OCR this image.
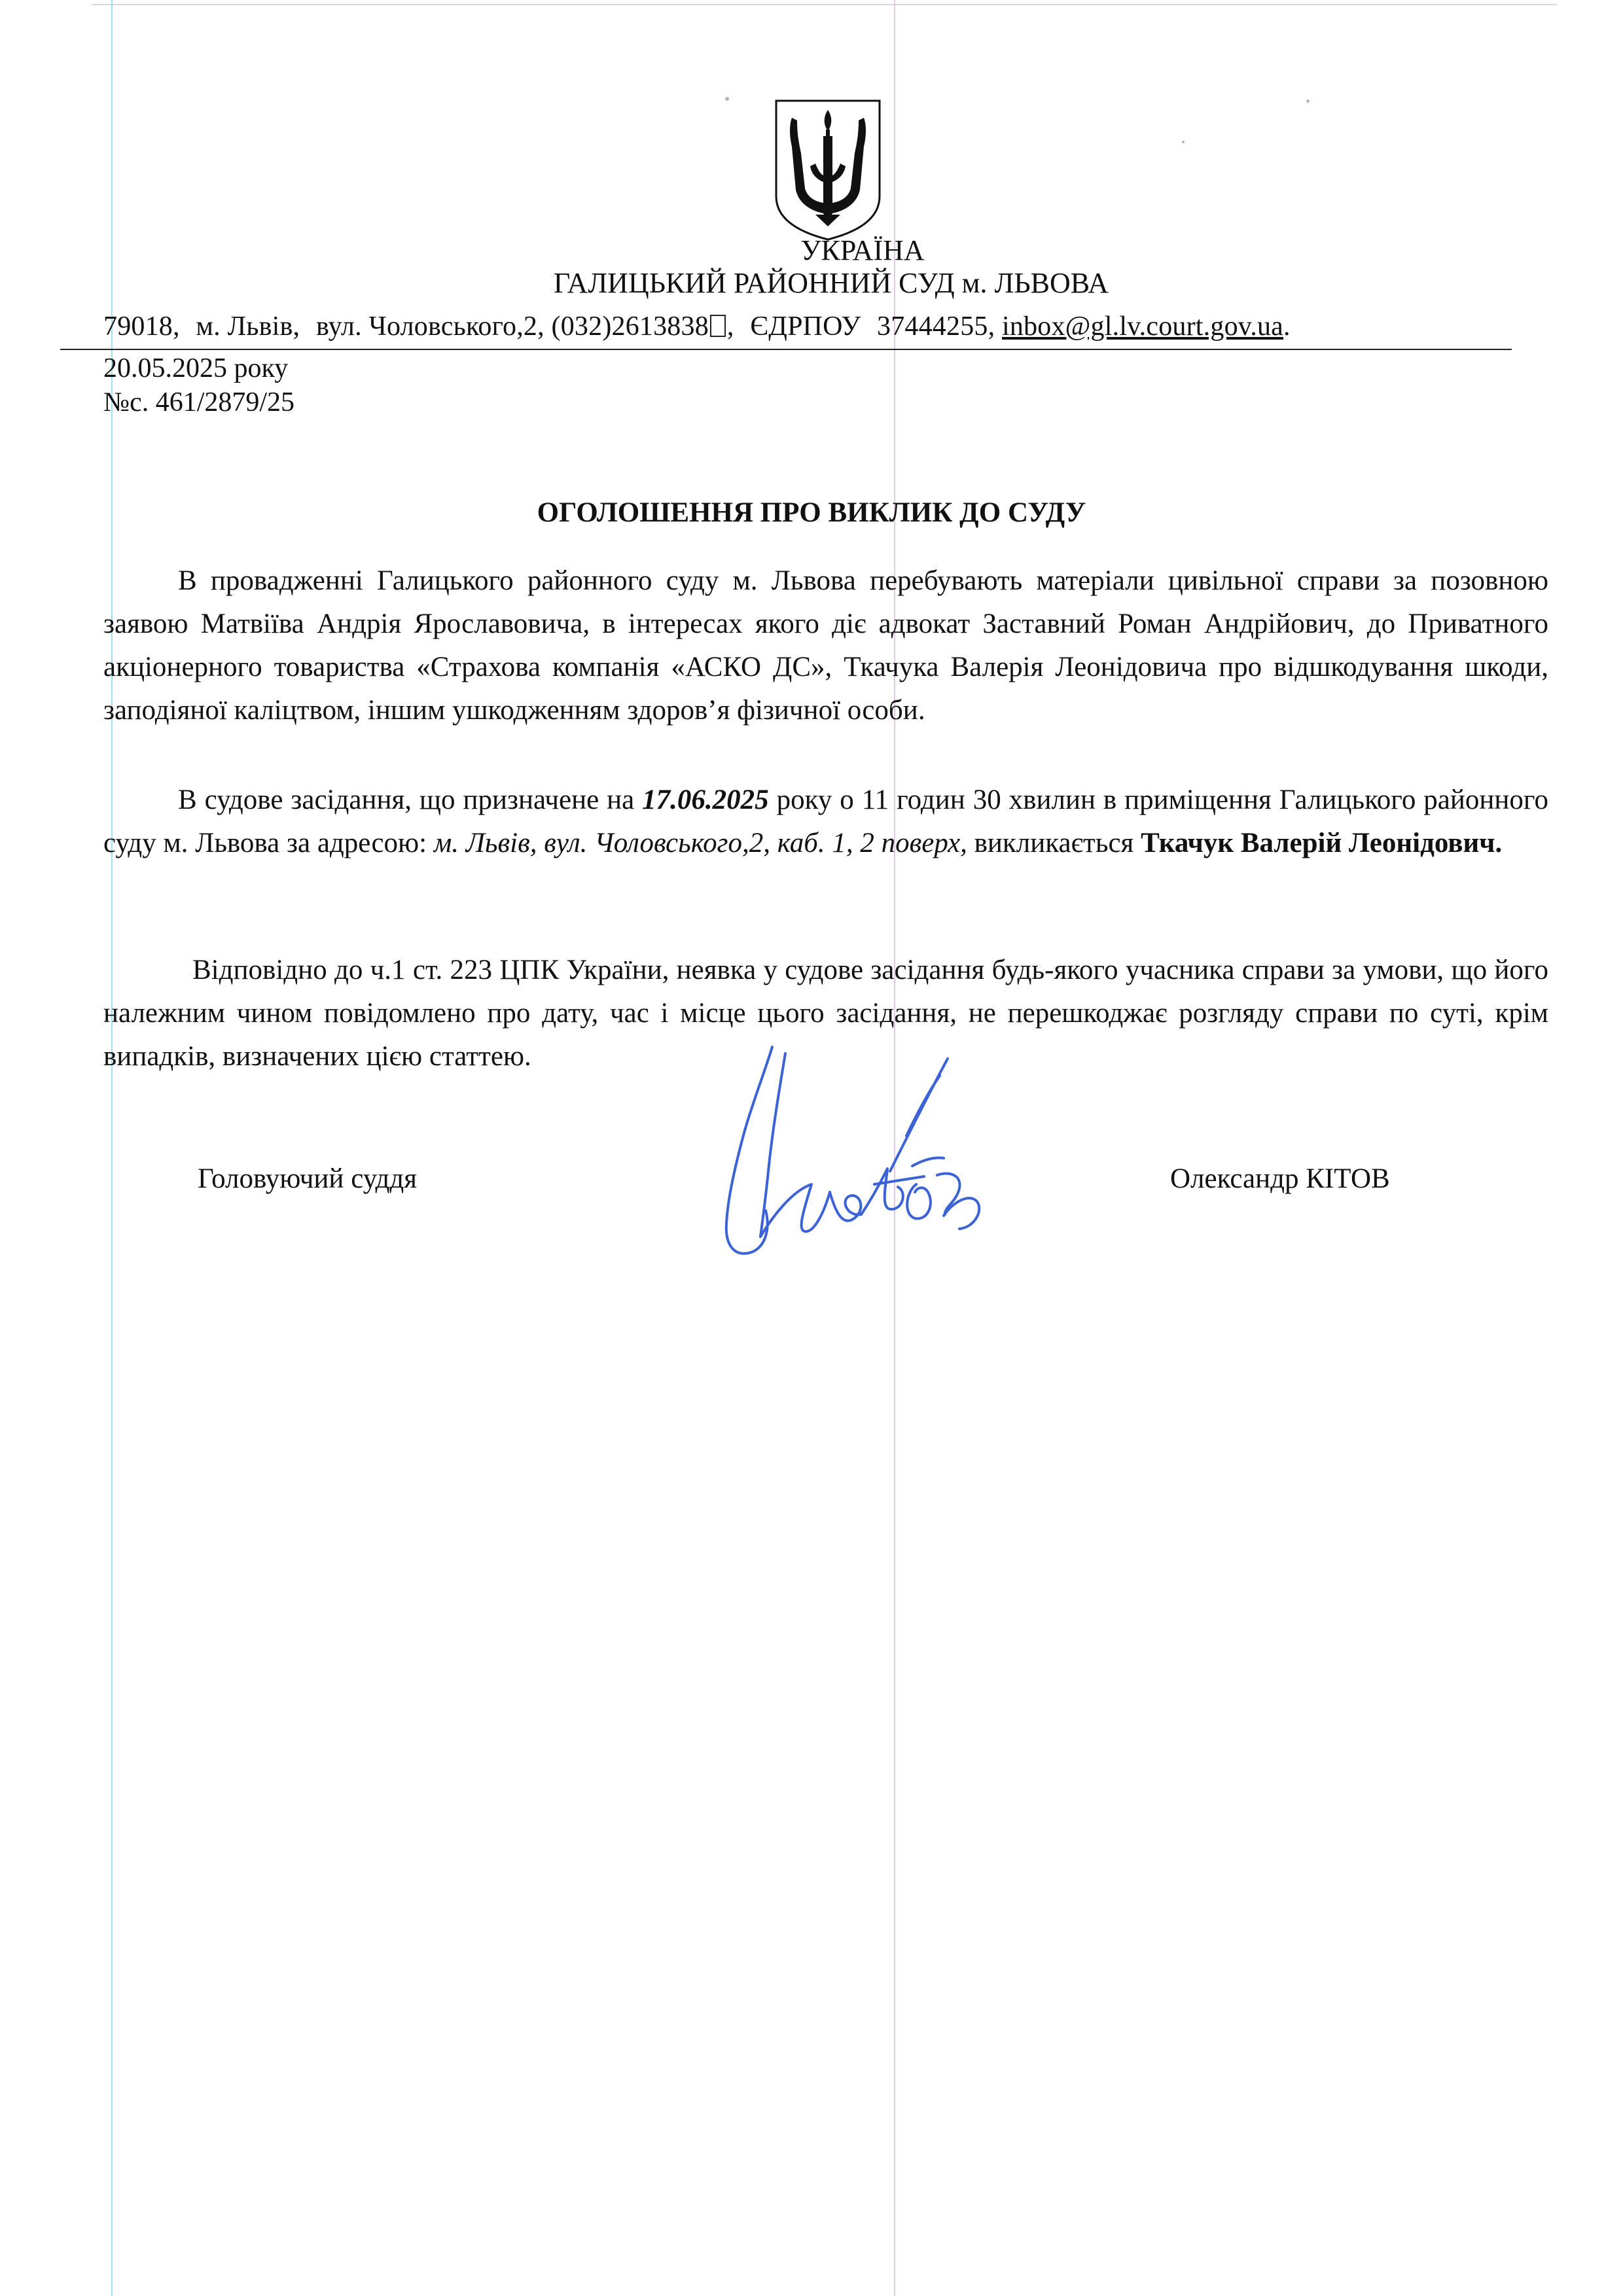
УКРАЇНА
ГАЛИЦЬКИЙ РАЙОННИЙ СУД м. ЛЬВОВА
79018, м. Львів, вул. Чоловського,2, (032)2613838 , ЄДРПОУ 37444255, inbox@gl.lv.court.gov.ua.
20.05.2025 року
№с. 461/2879/25
ОГОЛОШЕННЯ ПРО ВИКЛИК ДО СУДУ
В провадженні Галицького районного суду м. Львова перебувають матеріали цивільної справи за позовною заявою Матвіїва Андрія Ярославовича, в інтересах якого діє адвокат Заставний Роман Андрійович, до Приватного акціонерного товариства «Страхова компанія «АСКО ДС», Ткачука Валерія Леонідовича про відшкодування шкоди, заподіяної каліцтвом, іншим ушкодженням здоров’я фізичної особи.
В судове засідання, що призначене на 17.06.2025 року о 11 годин 30 хвилин в приміщення Галицького районного суду м. Львова за адресою: м. Львів, вул. Чоловського,2, каб. 1, 2 поверх, викликається Ткачук Валерій Леонідович.
Відповідно до ч.1 ст. 223 ЦПК України, неявка у судове засідання будь-якого учасника справи за умови, що його належним чином повідомлено про дату, час і місце цього засідання, не перешкоджає розгляду справи по суті, крім випадків, визначених цією статтею.
Головуючий суддя	Олександр КІТОВ
